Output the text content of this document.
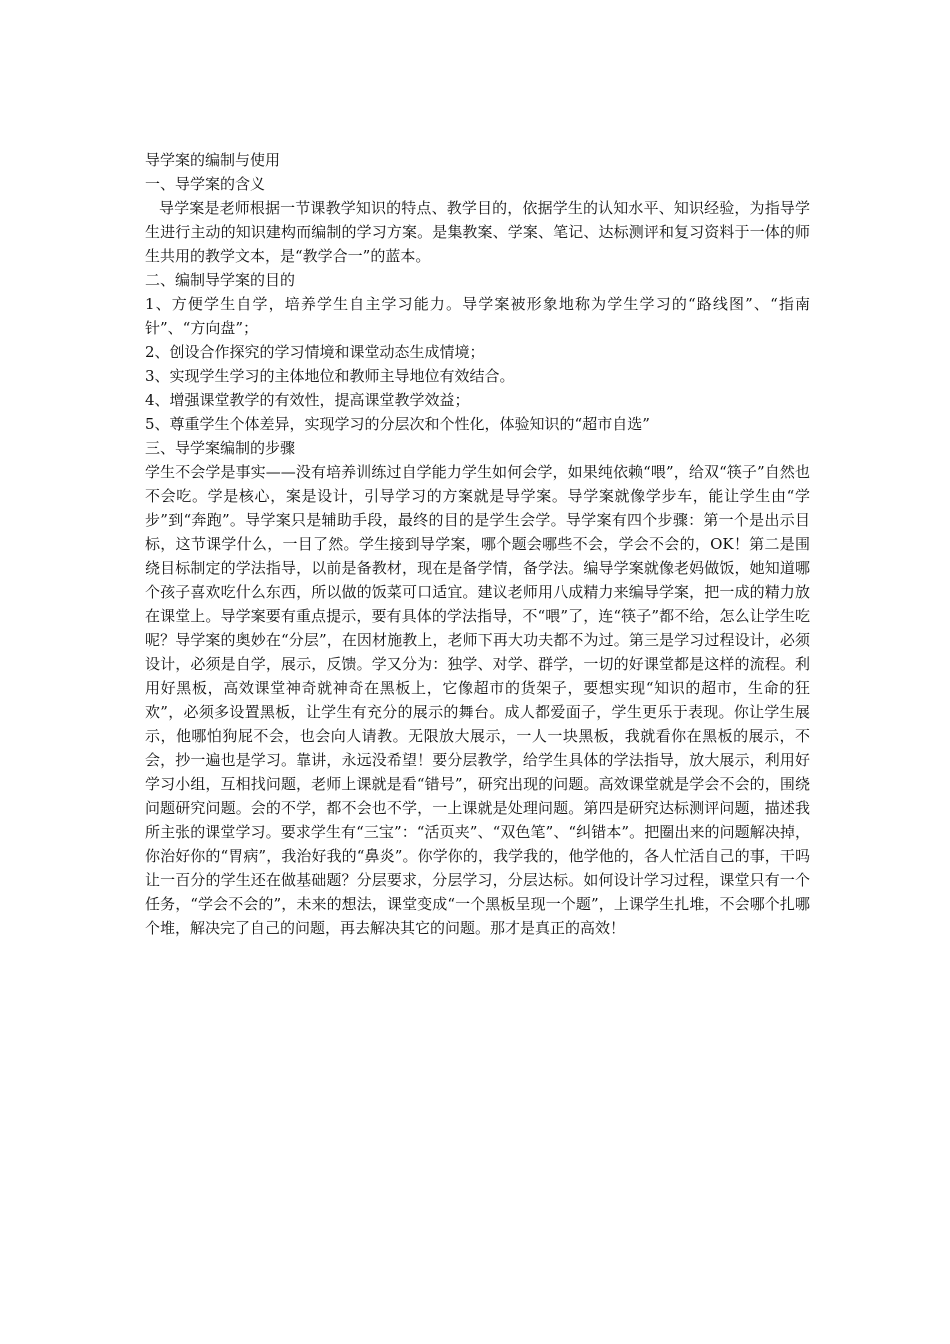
导学案的编制与使用

一、导学案的含义

导学案是老师根据一节课教学知识的特点、教学目的，依据学生的认知水平、知识经验，为指导学生进行主动的知识建构而编制的学习方案。是集教案、学案、笔记、达标测评和复习资料于一体的师生共用的教学文本，是“教学合一”的蓝本。

二、编制导学案的目的

1、方便学生自学，培养学生自主学习能力。导学案被形象地称为学生学习的“路线图”、“指南针”、“方向盘”；

2、创设合作探究的学习情境和课堂动态生成情境；

3、实现学生学习的主体地位和教师主导地位有效结合。

4、增强课堂教学的有效性，提高课堂教学效益；

5、尊重学生个体差异，实现学习的分层次和个性化，体验知识的“超市自选”

三、导学案编制的步骤

学生不会学是事实——没有培养训练过自学能力学生如何会学，如果纯依赖“喂”，给双“筷子”自然也不会吃。学是核心，案是设计，引导学习的方案就是导学案。导学案就像学步车，能让学生由“学步”到“奔跑”。导学案只是辅助手段，最终的目的是学生会学。导学案有四个步骤：第一个是出示目标，这节课学什么，一目了然。学生接到导学案，哪个题会哪些不会，学会不会的，OK！第二是围绕目标制定的学法指导，以前是备教材，现在是备学情，备学法。编导学案就像老妈做饭，她知道哪个孩子喜欢吃什么东西，所以做的饭菜可口适宜。建议老师用八成精力来编导学案，把一成的精力放在课堂上。导学案要有重点提示，要有具体的学法指导，不“喂”了，连“筷子”都不给，怎么让学生吃呢？导学案的奥妙在“分层”，在因材施教上，老师下再大功夫都不为过。第三是学习过程设计，必须设计，必须是自学，展示，反馈。学又分为：独学、对学、群学，一切的好课堂都是这样的流程。利用好黑板，高效课堂神奇就神奇在黑板上，它像超市的货架子，要想实现“知识的超市，生命的狂欢”，必须多设置黑板，让学生有充分的展示的舞台。成人都爱面子，学生更乐于表现。你让学生展示，他哪怕狗屁不会，也会向人请教。无限放大展示，一人一块黑板，我就看你在黑板的展示，不会，抄一遍也是学习。靠讲，永远没希望！要分层教学，给学生具体的学法指导，放大展示，利用好学习小组，互相找问题，老师上课就是看“错号”，研究出现的问题。高效课堂就是学会不会的，围绕问题研究问题。会的不学，都不会也不学，一上课就是处理问题。第四是研究达标测评问题，描述我所主张的课堂学习。要求学生有“三宝”：“活页夹”、“双色笔”、“纠错本”。把圈出来的问题解决掉，你治好你的“胃病”，我治好我的“鼻炎”。你学你的，我学我的，他学他的，各人忙活自己的事，干吗让一百分的学生还在做基础题？分层要求，分层学习，分层达标。如何设计学习过程，课堂只有一个任务，“学会不会的”，未来的想法，课堂变成“一个黑板呈现一个题”，上课学生扎堆，不会哪个扎哪个堆，解决完了自己的问题，再去解决其它的问题。那才是真正的高效！
